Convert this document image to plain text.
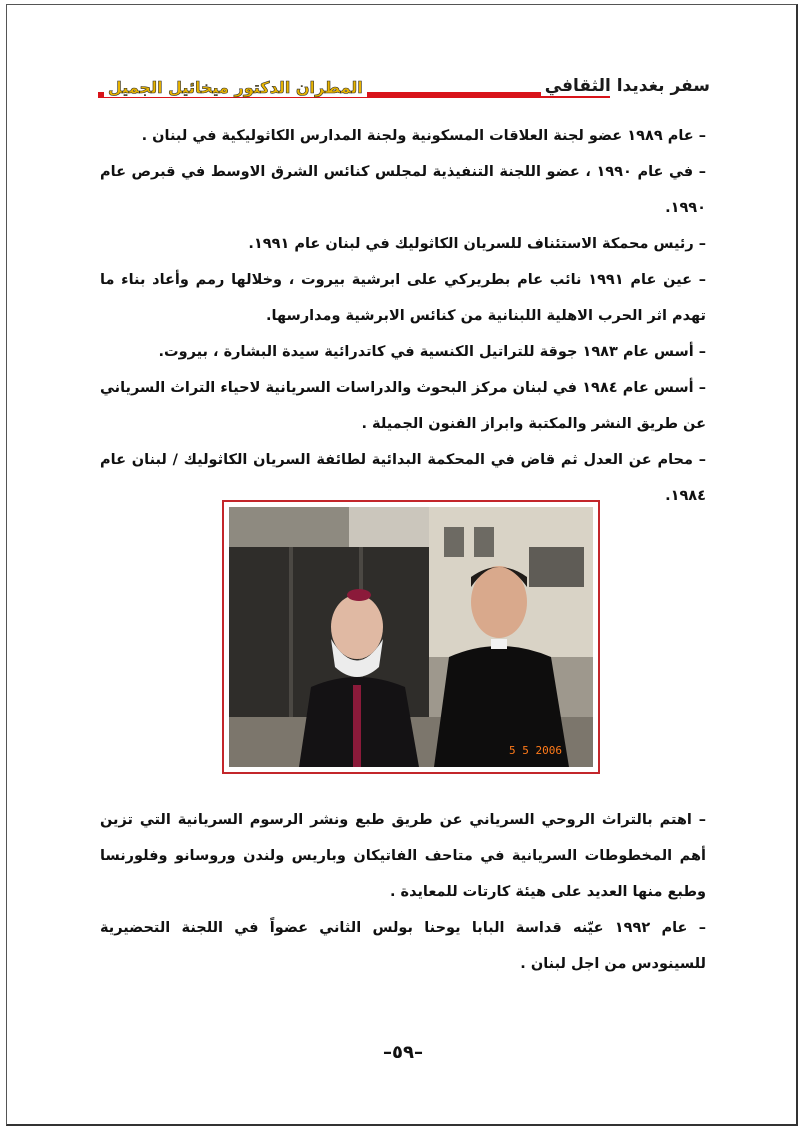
سفر بغديدا الثقافي
المطران الدكتور ميخائيل الجميل

– عام ١٩٨٩ عضو لجنة العلاقات المسكونية ولجنة المدارس الكاثوليكية في لبنان .

– في عام ١٩٩٠ ، عضو اللجنة التنفيذية لمجلس كنائس الشرق الاوسط في قبرص عام ١٩٩٠.

– رئيس محمكة الاستئناف للسريان الكاثوليك في لبنان عام ١٩٩١.

– عين عام ١٩٩١ نائب عام بطريركي على ابرشية بيروت ، وخلالها رمم وأعاد بناء ما تهدم اثر الحرب الاهلية اللبنانية من كنائس الابرشية ومدارسها.

– أسس عام ١٩٨٣ جوقة للتراتيل الكنسية في كاتدرائية سيدة البشارة ، بيروت.

– أسس عام ١٩٨٤ في لبنان مركز البحوث والدراسات السريانية لاحياء التراث السرياني عن طريق النشر والمكتبة وابراز الفنون الجميلة .

– محام عن العدل ثم قاض في المحكمة البدائية لطائفة السريان الكاثوليك / لبنان عام ١٩٨٤.

5 5 2006

– اهتم بالتراث الروحي السرياني عن طريق طبع ونشر الرسوم السريانية التي تزين أهم المخطوطات السريانية في متاحف الفاتيكان وباريس ولندن وروسانو وفلورنسا وطبع منها العديد على هيئة كارتات للمعايدة .

– عام ١٩٩٢ عيّنه قداسة البابا يوحنا بولس الثاني عضواً في اللجنة التحضيرية للسينودس من اجل لبنان .

–٥٩–
